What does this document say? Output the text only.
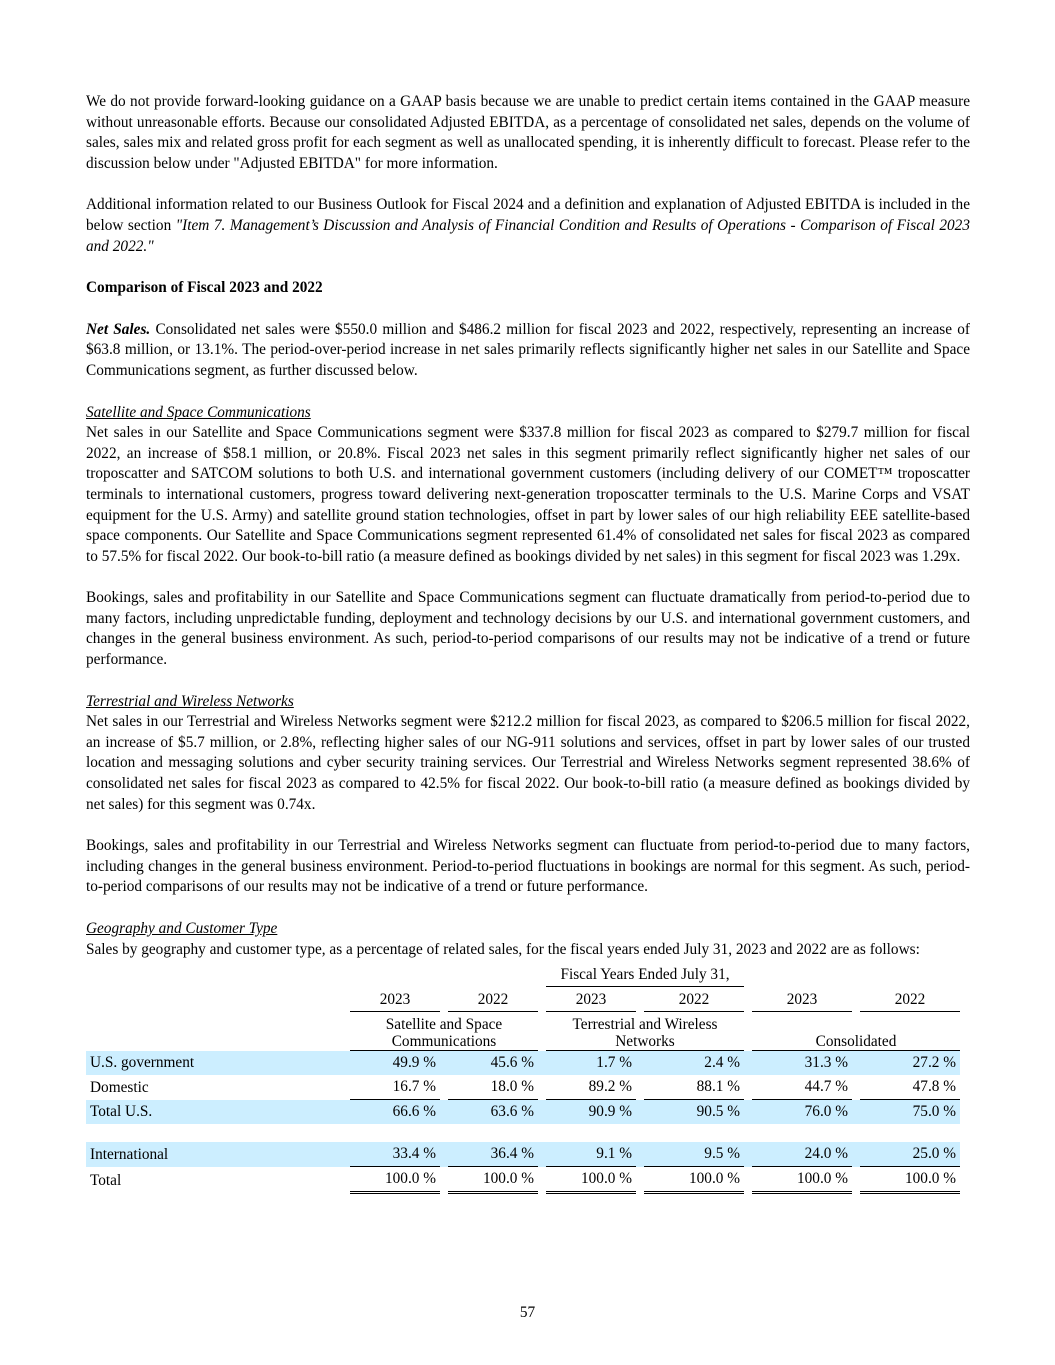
We do not provide forward-looking guidance on a GAAP basis because we are unable to predict certain items contained in the GAAP measure without unreasonable efforts. Because our consolidated Adjusted EBITDA, as a percentage of consolidated net sales, depends on the volume of sales, sales mix and related gross profit for each segment as well as unallocated spending, it is inherently difficult to forecast. Please refer to the discussion below under "Adjusted EBITDA" for more information.

Additional information related to our Business Outlook for Fiscal 2024 and a definition and explanation of Adjusted EBITDA is included in the below section "Item 7. Management’s Discussion and Analysis of Financial Condition and Results of Operations - Comparison of Fiscal 2023 and 2022."

Comparison of Fiscal 2023 and 2022

Net Sales. Consolidated net sales were $550.0 million and $486.2 million for fiscal 2023 and 2022, respectively, representing an increase of $63.8 million, or 13.1%. The period-over-period increase in net sales primarily reflects significantly higher net sales in our Satellite and Space Communications segment, as further discussed below.

Satellite and Space Communications

Net sales in our Satellite and Space Communications segment were $337.8 million for fiscal 2023 as compared to $279.7 million for fiscal 2022, an increase of $58.1 million, or 20.8%. Fiscal 2023 net sales in this segment primarily reflect significantly higher net sales of our troposcatter and SATCOM solutions to both U.S. and international government customers (including delivery of our COMET™ troposcatter terminals to international customers, progress toward delivering next-generation troposcatter terminals to the U.S. Marine Corps and VSAT equipment for the U.S. Army) and satellite ground station technologies, offset in part by lower sales of our high reliability EEE satellite-based space components. Our Satellite and Space Communications segment represented 61.4% of consolidated net sales for fiscal 2023 as compared to 57.5% for fiscal 2022. Our book-to-bill ratio (a measure defined as bookings divided by net sales) in this segment for fiscal 2023 was 1.29x.

Bookings, sales and profitability in our Satellite and Space Communications segment can fluctuate dramatically from period-to-period due to many factors, including unpredictable funding, deployment and technology decisions by our U.S. and international government customers, and changes in the general business environment. As such, period-to-period comparisons of our results may not be indicative of a trend or future performance.

Terrestrial and Wireless Networks

Net sales in our Terrestrial and Wireless Networks segment were $212.2 million for fiscal 2023, as compared to $206.5 million for fiscal 2022, an increase of $5.7 million, or 2.8%, reflecting higher sales of our NG-911 solutions and services, offset in part by lower sales of our trusted location and messaging solutions and cyber security training services. Our Terrestrial and Wireless Networks segment represented 38.6% of consolidated net sales for fiscal 2023 as compared to 42.5% for fiscal 2022. Our book-to-bill ratio (a measure defined as bookings divided by net sales) for this segment was 0.74x.

Bookings, sales and profitability in our Terrestrial and Wireless Networks segment can fluctuate from period-to-period due to many factors, including changes in the general business environment. Period-to-period fluctuations in bookings are normal for this segment. As such, period-to-period comparisons of our results may not be indicative of a trend or future performance.

Geography and Customer Type

Sales by geography and customer type, as a percentage of related sales, for the fiscal years ended July 31, 2023 and 2022 are as follows:

					Fiscal Years Ended July 31,						
	2023		2022		2023		2022		2023		2022
	Satellite and Space Communications				Terrestrial and Wireless Networks				Consolidated		
U.S. government	49.9 %		45.6 %		1.7 %		2.4 %		31.3 %		27.2 %
Domestic	16.7 %		18.0 %		89.2 %		88.1 %		44.7 %		47.8 %
Total U.S.	66.6 %		63.6 %		90.9 %		90.5 %		76.0 %		75.0 %

International	33.4 %		36.4 %		9.1 %		9.5 %		24.0 %		25.0 %
Total	100.0 %		100.0 %		100.0 %		100.0 %		100.0 %		100.0 %
57
